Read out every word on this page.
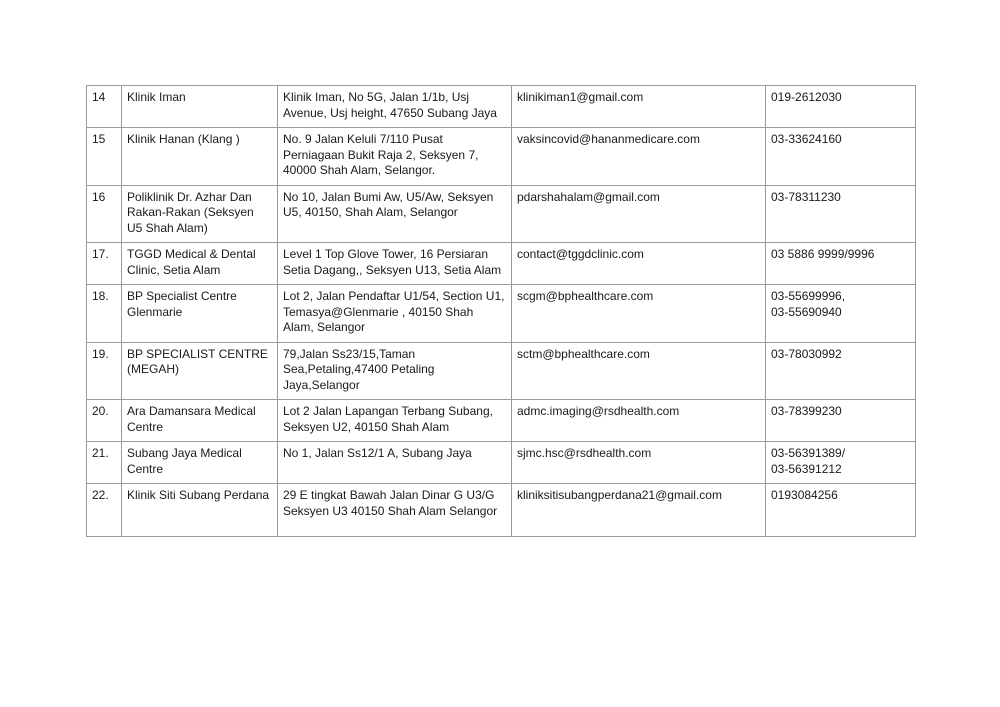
14	Klinik Iman	Klinik Iman, No 5G, Jalan 1/1b, Usj Avenue, Usj height, 47650 Subang Jaya	klinikiman1@gmail.com	019-2612030
15	Klinik Hanan (Klang )	No. 9 Jalan Keluli 7/110 Pusat Perniagaan Bukit Raja 2, Seksyen 7, 40000 Shah Alam, Selangor.	vaksincovid@hananmedicare.com	03-33624160
16	Poliklinik Dr. Azhar Dan Rakan-Rakan (Seksyen U5 Shah Alam)	No 10, Jalan Bumi Aw, U5/Aw, Seksyen U5, 40150, Shah Alam, Selangor	pdarshahalam@gmail.com	03-78311230
17.	TGGD Medical & Dental Clinic, Setia Alam	Level 1 Top Glove Tower, 16 Persiaran Setia Dagang,, Seksyen U13, Setia Alam	contact@tggdclinic.com	03 5886 9999/9996
18.	BP Specialist Centre Glenmarie	Lot 2, Jalan Pendaftar U1/54, Section U1, Temasya@Glenmarie , 40150 Shah Alam, Selangor	scgm@bphealthcare.com	03-55699996,
03-55690940
19.	BP SPECIALIST CENTRE (MEGAH)	79,Jalan Ss23/15,Taman Sea,Petaling,47400 Petaling Jaya,Selangor	sctm@bphealthcare.com	03-78030992
20.	Ara Damansara Medical Centre	Lot 2 Jalan Lapangan Terbang Subang, Seksyen U2, 40150 Shah Alam	admc.imaging@rsdhealth.com	03-78399230
21.	Subang Jaya Medical Centre	No 1, Jalan Ss12/1 A, Subang Jaya	sjmc.hsc@rsdhealth.com	03-56391389/
03-56391212
22.	Klinik Siti Subang Perdana	29 E tingkat Bawah Jalan Dinar G U3/G Seksyen U3 40150 Shah Alam Selangor	kliniksitisubangperdana21@gmail.com	0193084256
